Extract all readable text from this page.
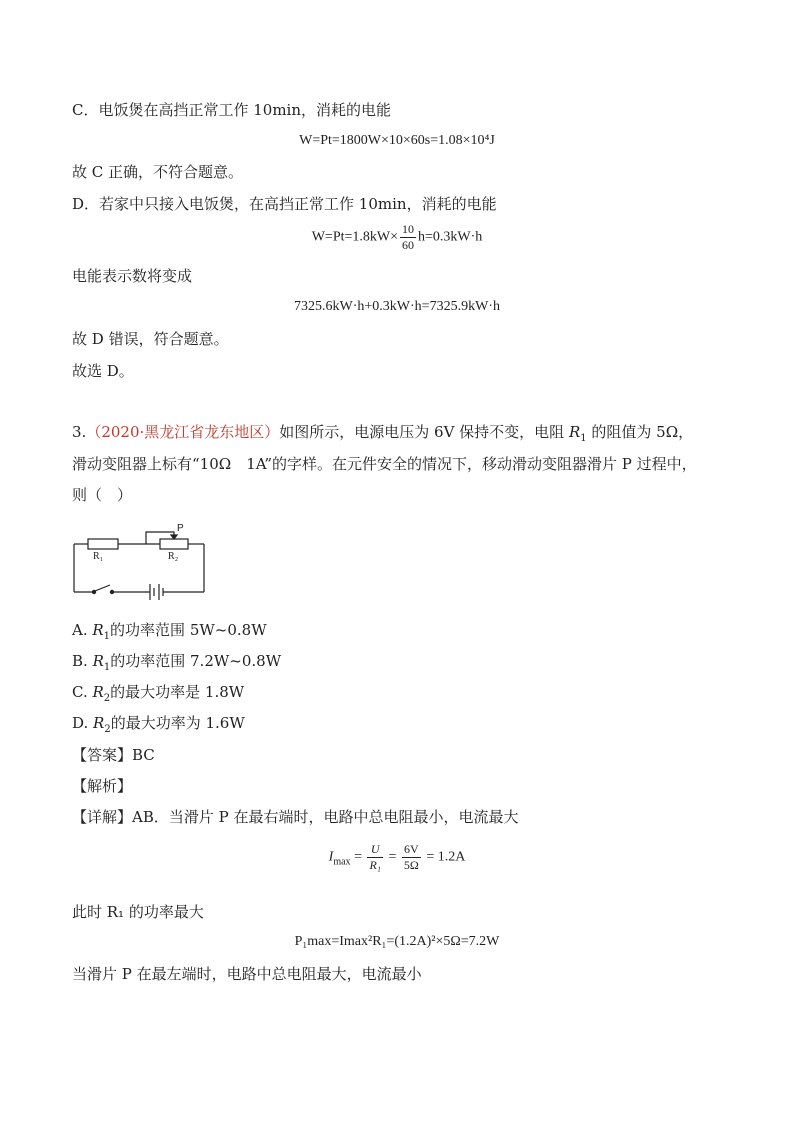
C．电饭煲在高挡正常工作 10min，消耗的电能
W=Pt=1800W×10×60s=1.08×10⁴J
故 C 正确，不符合题意。
D．若家中只接入电饭煲，在高挡正常工作 10min，消耗的电能
$W=Pt=1.8kW\times \frac{10}{60} h=0.3kW\cdot h$
电能表示数将变成
7325.6kW·h+0.3kW·h=7325.9kW·h
故 D 错误，符合题意。
故选 D。
3.（2020·黑龙江省龙东地区）如图所示，电源电压为 6V 保持不变，电阻 $R_1$ 的阻值为 5Ω，
滑动变阻器上标有“10Ω　1A”的字样。在元件安全的情况下，移动滑动变阻器滑片 P 过程中，
则（　）
P
R₁	R₂
A. $R_1$的功率范围 5W~0.8W
B. $R_1$的功率范围 7.2W~0.8W
C. $R_2$的最大功率是 1.8W
D. $R_2$的最大功率为 1.6W
【答案】BC
【解析】
【详解】AB．当滑片 P 在最右端时，电路中总电阻最小，电流最大
$I_{max} = \frac{U}{\text{R₁}} = \frac{6V}{5\Omega} = 1.2A$
此时 R₁ 的功率最大
P₁max=Imax²R₁=(1.2A)²×5Ω=7.2W
当滑片 P 在最左端时，电路中总电阻最大，电流最小
